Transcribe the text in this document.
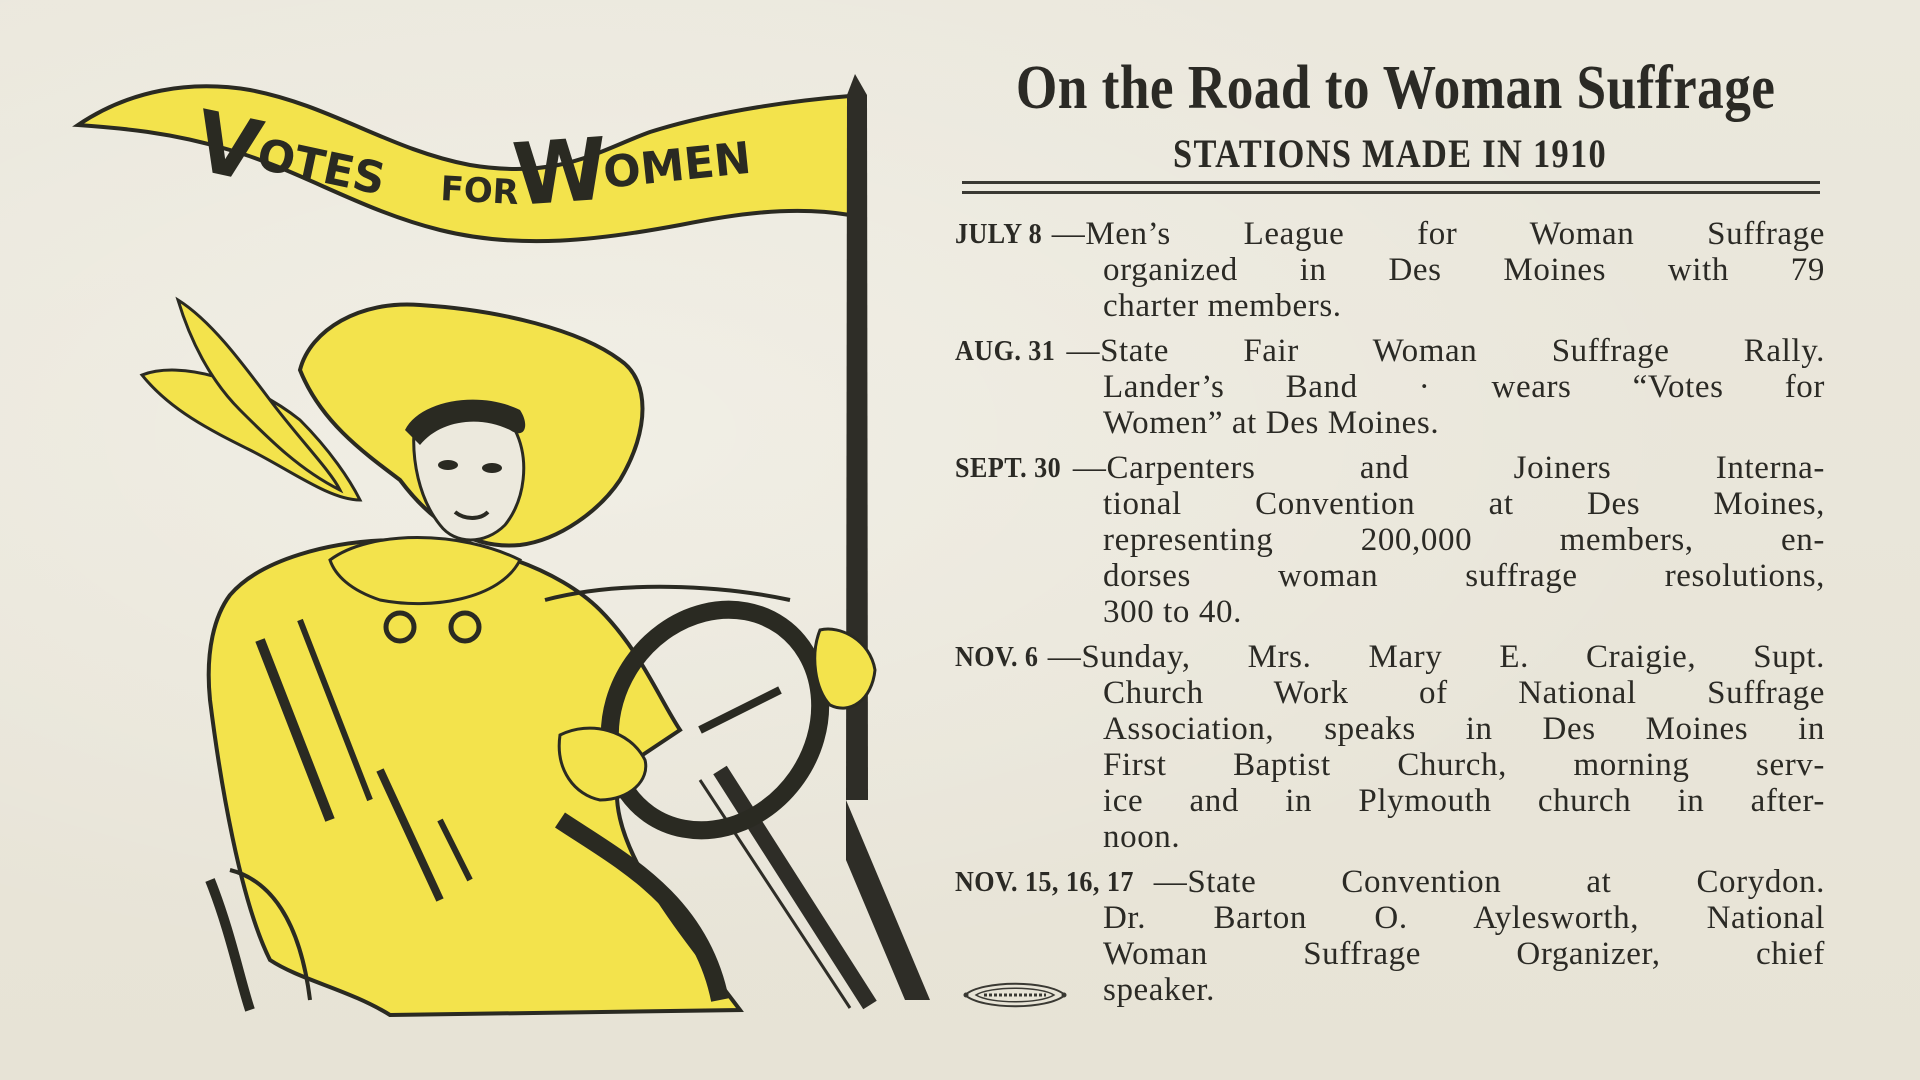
V
OTES FOR
W
OMEN
On the Road to Woman Suffrage
STATIONS MADE IN 1910
JULY 8 — Men’s League for Woman Suffrage
organized in Des Moines with 79
charter members.
AUG. 31 — State Fair Woman Suffrage Rally.
Lander’s Band · wears “Votes for
Women” at Des Moines.
SEPT. 30 — Carpenters and Joiners Interna-
tional Convention at Des Moines,
representing 200,000 members, en-
dorses woman suffrage resolutions,
300 to 40.
NOV. 6 — Sunday, Mrs. Mary E. Craigie, Supt.
Church Work of National Suffrage
Association, speaks in Des Moines in
First Baptist Church, morning serv-
ice and in Plymouth church in after-
noon.
NOV. 15, 16, 17 — State Convention at Corydon.
Dr. Barton O. Aylesworth, National
Woman Suffrage Organizer, chief
speaker.
